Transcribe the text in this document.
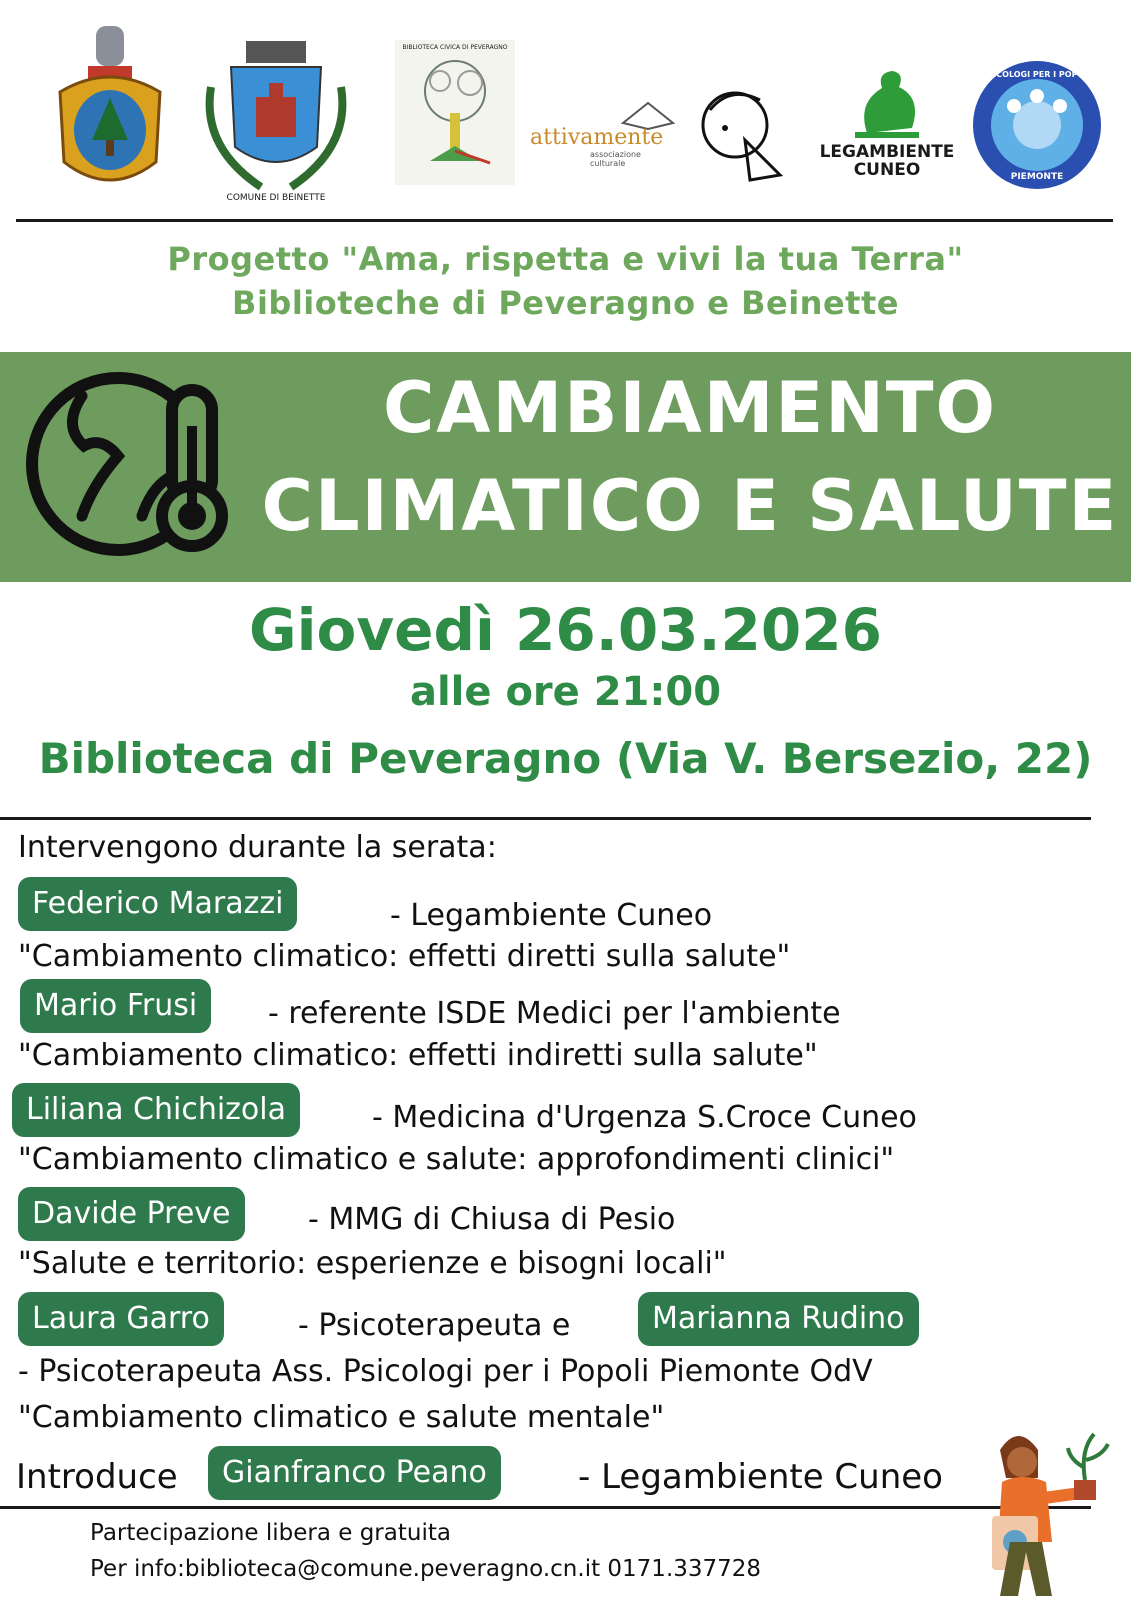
COMUNE DI BEINETTE
BIBLIOTECA CIVICA DI PEVERAGNO
attivamente
associazione culturale
LEGAMBIENTE
CUNEO
PSICOLOGI PER I POPOLI
PIEMONTE
Progetto "Ama, rispetta e vivi la tua Terra"
Biblioteche di Peveragno e Beinette
CAMBIAMENTO
CLIMATICO E SALUTE
Giovedì 26.03.2026
alle ore 21:00
Biblioteca di Peveragno (Via V. Bersezio, 22)
Intervengono durante la serata:
Federico Marazzi	- Legambiente Cuneo
"Cambiamento climatico: effetti diretti sulla salute"
Mario Frusi	- referente ISDE Medici per l'ambiente
"Cambiamento climatico: effetti indiretti sulla salute"
Liliana Chichizola	- Medicina d'Urgenza S.Croce Cuneo
"Cambiamento climatico e salute: approfondimenti clinici"
Davide Preve	- MMG di Chiusa di Pesio
"Salute e territorio: esperienze e bisogni locali"
Laura Garro	- Psicoterapeuta e	Marianna Rudino
- Psicoterapeuta Ass. Psicologi per i Popoli Piemonte OdV
"Cambiamento climatico e salute mentale"
Introduce	Gianfranco Peano	- Legambiente Cuneo
Partecipazione libera e gratuita
Per info:biblioteca@comune.peveragno.cn.it 0171.337728
